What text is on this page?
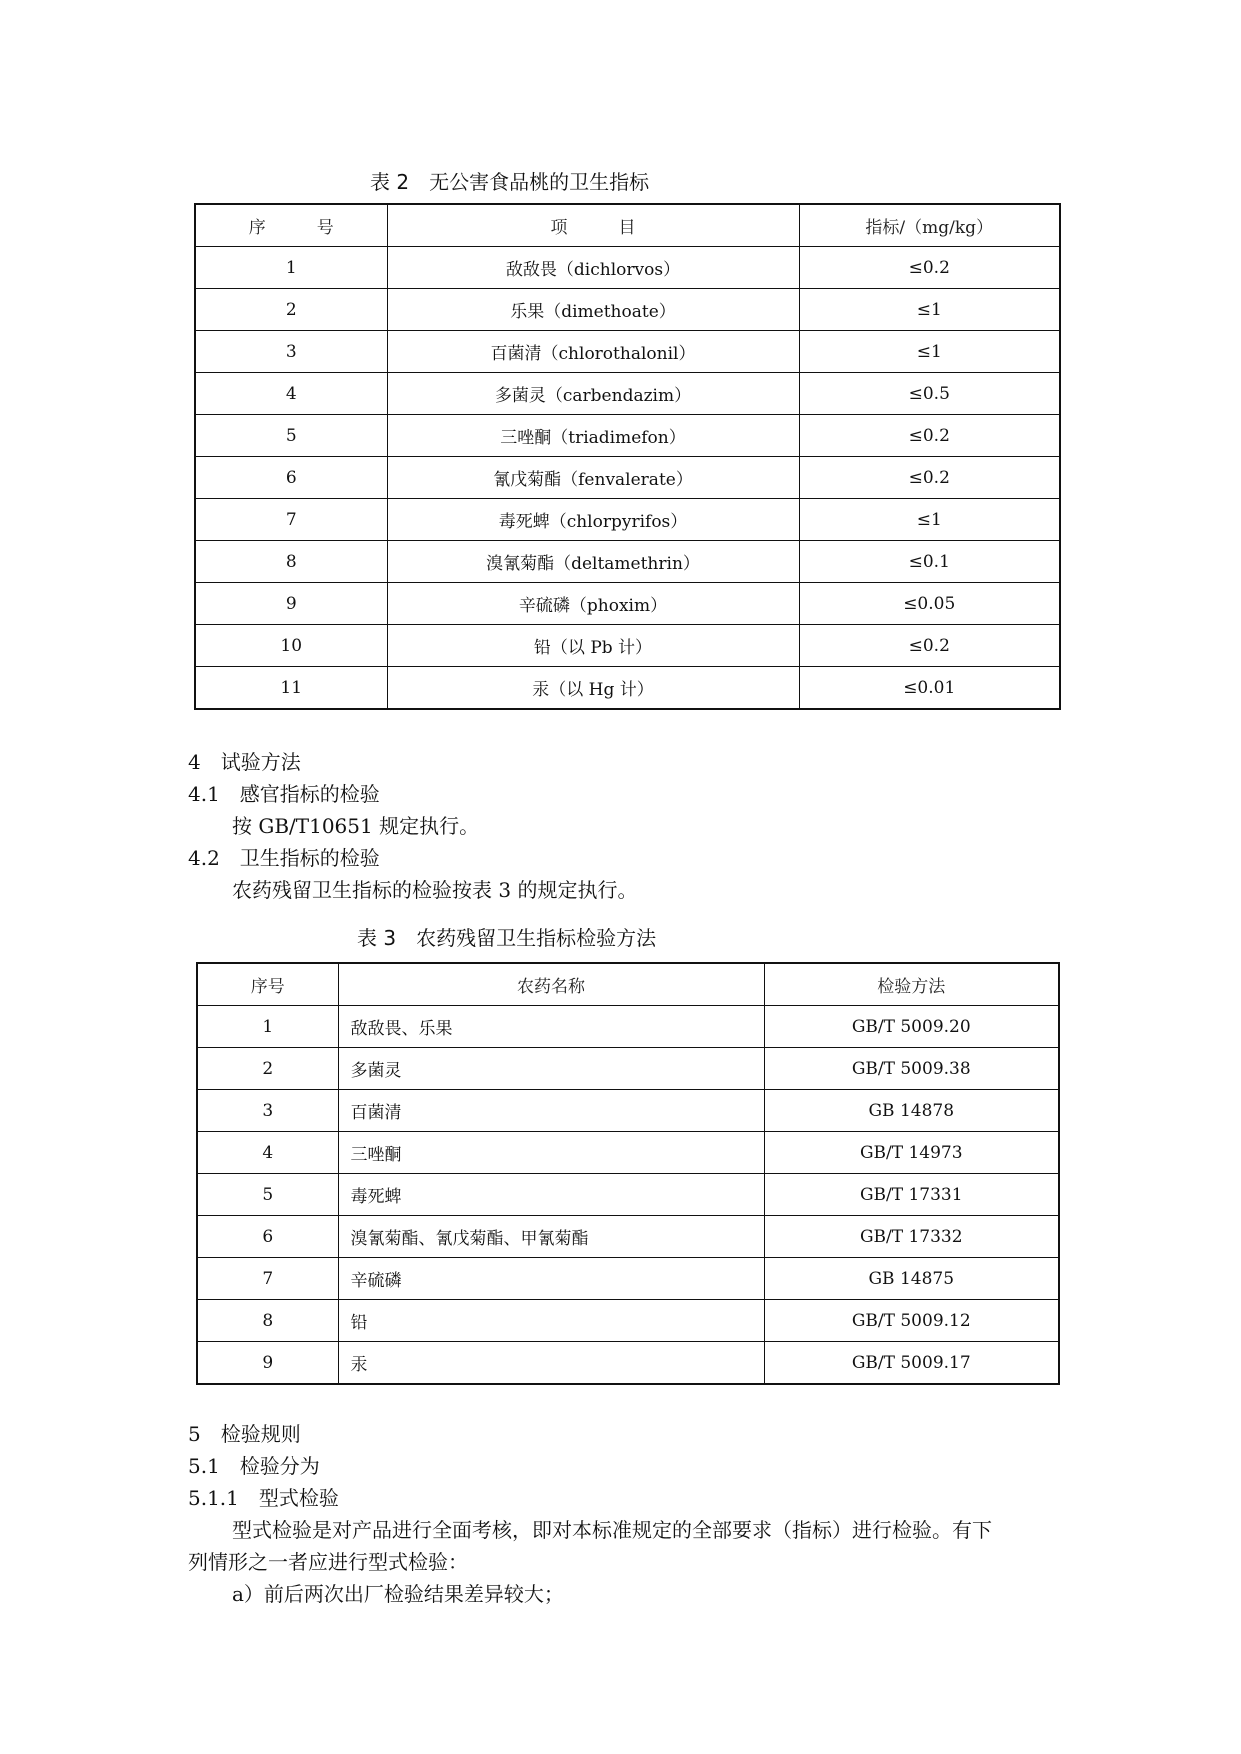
表 2　无公害食品桃的卫生指标
序　　　号	项　　　目	指标/（mg/kg）
1	敌敌畏（dichlorvos）	≤0.2
2	乐果（dimethoate）	≤1
3	百菌清（chlorothalonil）	≤1
4	多菌灵（carbendazim）	≤0.5
5	三唑酮（triadimefon）	≤0.2
6	氰戊菊酯（fenvalerate）	≤0.2
7	毒死蜱（chlorpyrifos）	≤1
8	溴氰菊酯（deltamethrin）	≤0.1
9	辛硫磷（phoxim）	≤0.05
10	铅（以 Pb 计）	≤0.2
11	汞（以 Hg 计）	≤0.01
4　试验方法
4.1　感官指标的检验
按 GB/T10651 规定执行。
4.2　卫生指标的检验
农药残留卫生指标的检验按表 3 的规定执行。
表 3　农药残留卫生指标检验方法
序号	农药名称	检验方法
1	敌敌畏、乐果	GB/T 5009.20
2	多菌灵	GB/T 5009.38
3	百菌清	GB 14878
4	三唑酮	GB/T 14973
5	毒死蜱	GB/T 17331
6	溴氰菊酯、氰戊菊酯、甲氰菊酯	GB/T 17332
7	辛硫磷	GB 14875
8	铅	GB/T 5009.12
9	汞	GB/T 5009.17
5　检验规则
5.1　检验分为
5.1.1　型式检验
型式检验是对产品进行全面考核，即对本标准规定的全部要求（指标）进行检验。有下
列情形之一者应进行型式检验：
a）前后两次出厂检验结果差异较大；
